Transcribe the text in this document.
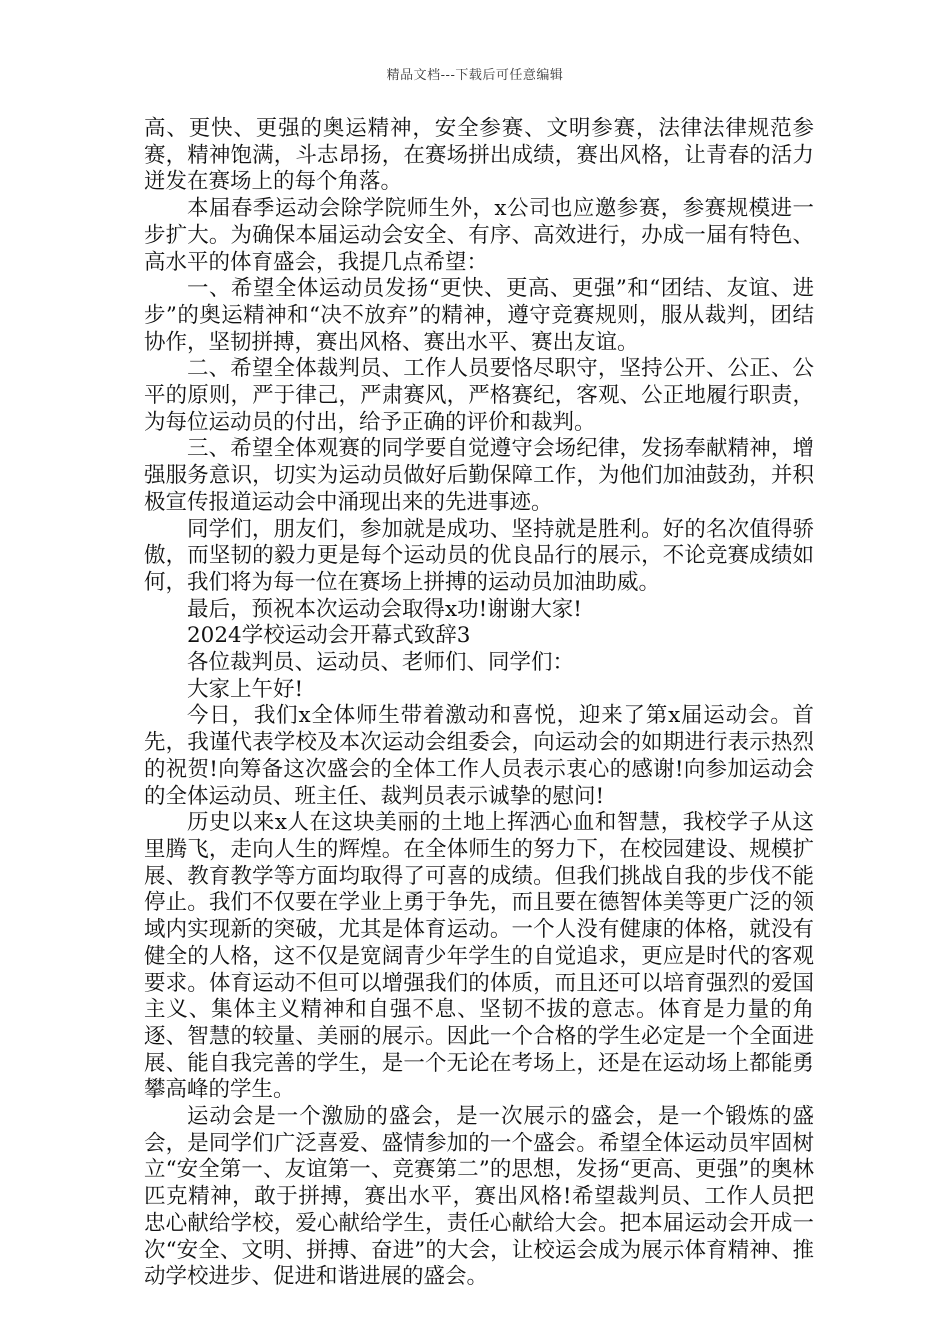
精品文档---下载后可任意编辑

高、更快、更强的奥运精神，安全参赛、文明参赛，法律法律规范参赛，精神饱满，斗志昂扬，在赛场拼出成绩，赛出风格，让青春的活力迸发在赛场上的每个角落。

本届春季运动会除学院师生外，x公司也应邀参赛，参赛规模进一步扩大。为确保本届运动会安全、有序、高效进行，办成一届有特色、高水平的体育盛会，我提几点希望：

一、希望全体运动员发扬“更快、更高、更强”和“团结、友谊、进步”的奥运精神和“决不放弃”的精神，遵守竞赛规则，服从裁判，团结协作，坚韧拼搏，赛出风格、赛出水平、赛出友谊。

二、希望全体裁判员、工作人员要恪尽职守，坚持公开、公正、公平的原则，严于律己，严肃赛风，严格赛纪，客观、公正地履行职责，为每位运动员的付出，给予正确的评价和裁判。

三、希望全体观赛的同学要自觉遵守会场纪律，发扬奉献精神，增强服务意识，切实为运动员做好后勤保障工作，为他们加油鼓劲，并积极宣传报道运动会中涌现出来的先进事迹。

同学们，朋友们，参加就是成功、坚持就是胜利。好的名次值得骄傲，而坚韧的毅力更是每个运动员的优良品行的展示，不论竞赛成绩如何，我们将为每一位在赛场上拼搏的运动员加油助威。

最后，预祝本次运动会取得x功!谢谢大家!

2024学校运动会开幕式致辞3

各位裁判员、运动员、老师们、同学们：

大家上午好!

今日，我们x全体师生带着激动和喜悦，迎来了第x届运动会。首先，我谨代表学校及本次运动会组委会，向运动会的如期进行表示热烈的祝贺!向筹备这次盛会的全体工作人员表示衷心的感谢!向参加运动会的全体运动员、班主任、裁判员表示诚挚的慰问!

历史以来x人在这块美丽的土地上挥洒心血和智慧，我校学子从这里腾飞，走向人生的辉煌。在全体师生的努力下，在校园建设、规模扩展、教育教学等方面均取得了可喜的成绩。但我们挑战自我的步伐不能停止。我们不仅要在学业上勇于争先，而且要在德智体美等更广泛的领域内实现新的突破，尤其是体育运动。一个人没有健康的体格，就没有健全的人格，这不仅是宽阔青少年学生的自觉追求，更应是时代的客观要求。体育运动不但可以增强我们的体质，而且还可以培育强烈的爱国主义、集体主义精神和自强不息、坚韧不拔的意志。体育是力量的角逐、智慧的较量、美丽的展示。因此一个合格的学生必定是一个全面进展、能自我完善的学生，是一个无论在考场上，还是在运动场上都能勇攀高峰的学生。

运动会是一个激励的盛会，是一次展示的盛会，是一个锻炼的盛会，是同学们广泛喜爱、盛情参加的一个盛会。希望全体运动员牢固树立“安全第一、友谊第一、竞赛第二”的思想，发扬“更高、更强”的奥林匹克精神，敢于拼搏，赛出水平，赛出风格!希望裁判员、工作人员把忠心献给学校，爱心献给学生，责任心献给大会。把本届运动会开成一次“安全、文明、拼搏、奋进”的大会，让校运会成为展示体育精神、推动学校进步、促进和谐进展的盛会。
